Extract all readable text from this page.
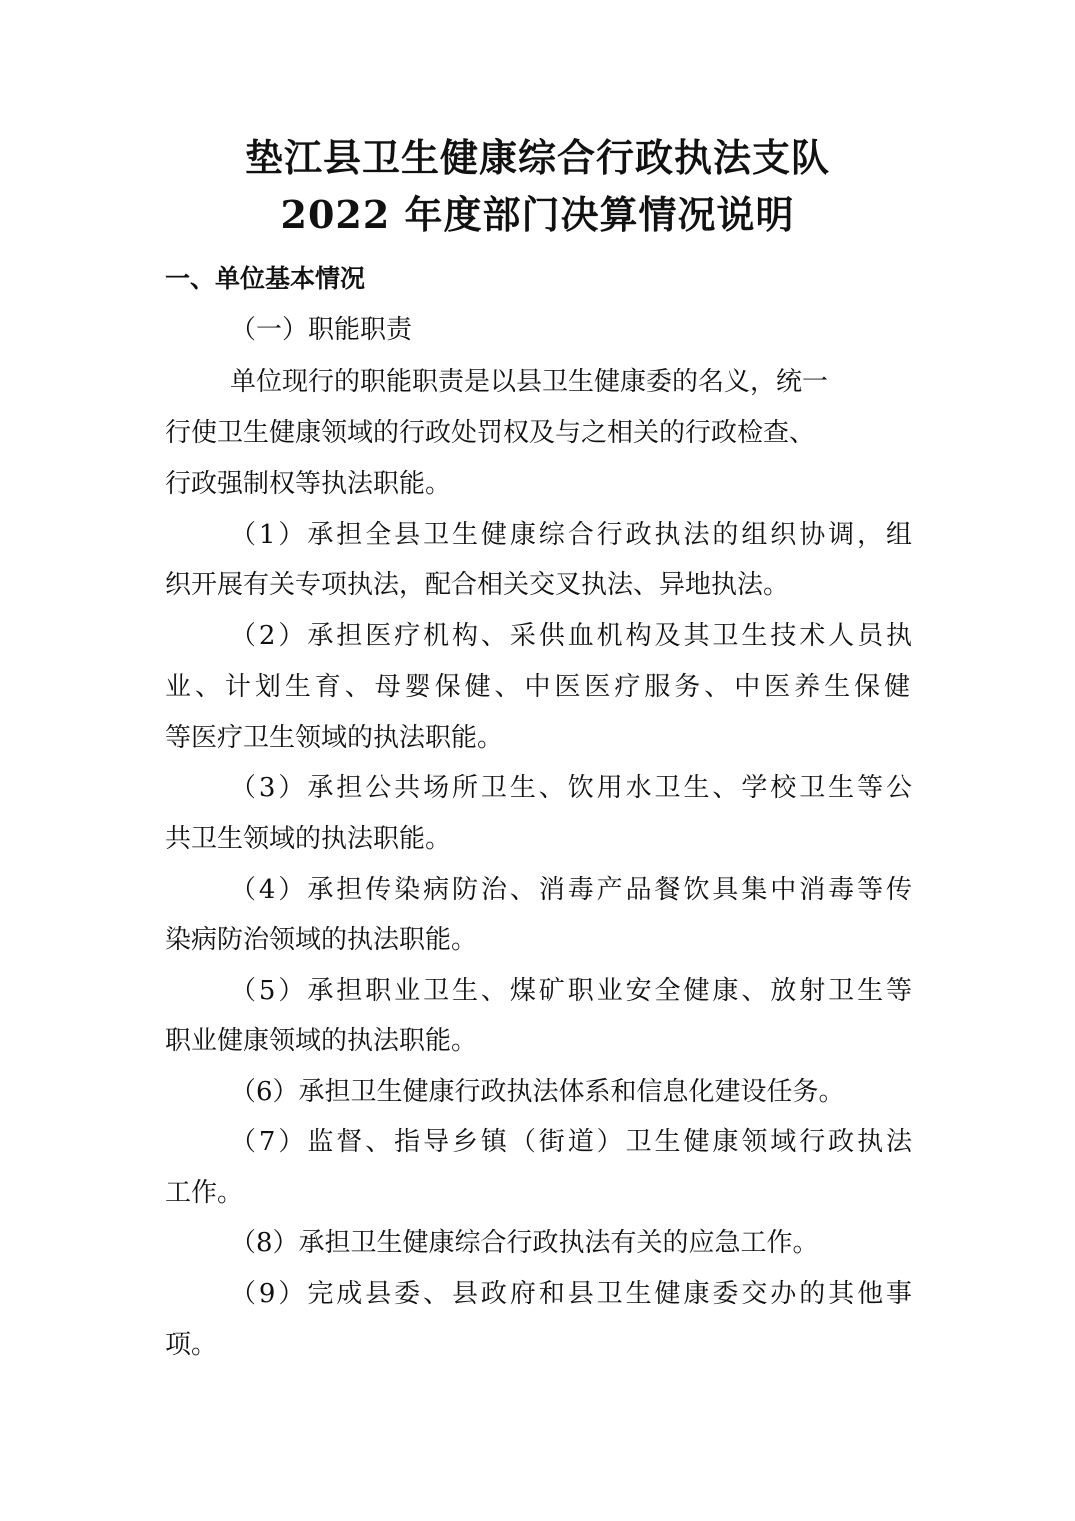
垫江县卫生健康综合行政执法支队
2022 年度部门决算情况说明
一、单位基本情况
（一）职能职责
单位现行的职能职责是以县卫生健康委的名义，统一
行使卫生健康领域的行政处罚权及与之相关的行政检查、
行政强制权等执法职能。
（1）承担全县卫生健康综合行政执法的组织协调，组
织开展有关专项执法，配合相关交叉执法、异地执法。
（2）承担医疗机构、采供血机构及其卫生技术人员执
业、计划生育、母婴保健、中医医疗服务、中医养生保健
等医疗卫生领域的执法职能。
（3）承担公共场所卫生、饮用水卫生、学校卫生等公
共卫生领域的执法职能。
（4）承担传染病防治、消毒产品餐饮具集中消毒等传
染病防治领域的执法职能。
（5）承担职业卫生、煤矿职业安全健康、放射卫生等
职业健康领域的执法职能。
（6）承担卫生健康行政执法体系和信息化建设任务。
（7）监督、指导乡镇（街道）卫生健康领域行政执法
工作。
（8）承担卫生健康综合行政执法有关的应急工作。
（9）完成县委、县政府和县卫生健康委交办的其他事
项。
